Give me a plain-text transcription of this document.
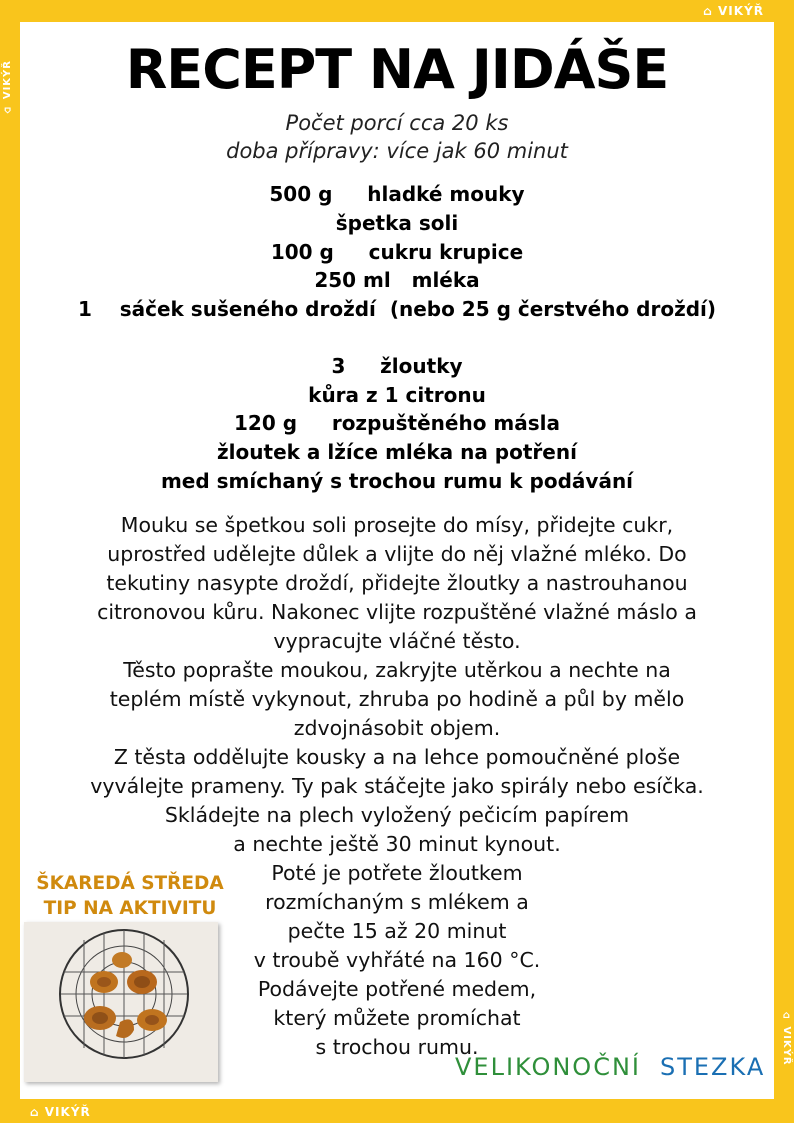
⌂ VIKÝŘ
⌂ VIKÝŘ
⌂ VIKÝŘ
⌂ VIKÝŘ
RECEPT NA JIDÁŠE

Počet porcí cca 20 ks

doba přípravy: více jak 60 minut

500 g     hladké mouky

špetka soli

100 g     cukru krupice

250 ml   mléka

1    sáček sušeného droždí  (nebo 25 g čerstvého droždí)

3     žloutky

kůra z 1 citronu

120 g     rozpuštěného másla

žloutek a lžíce mléka na potření

med smíchaný s trochou rumu k podávání

Mouku se špetkou soli prosejte do mísy, přidejte cukr,
uprostřed udělejte důlek a vlijte do něj vlažné mléko. Do
tekutiny nasypte droždí, přidejte žloutky a nastrouhanou
citronovou kůru. Nakonec vlijte rozpuštěné vlažné máslo a
vypracujte vláčné těsto.

Těsto poprašte moukou, zakryjte utěrkou a nechte na
teplém místě vykynout, zhruba po hodině a půl by mělo
zdvojnásobit objem.

Z těsta oddělujte kousky a na lehce pomoučněné ploše
vyválejte prameny. Ty pak stáčejte jako spirály nebo esíčka.
Skládejte na plech vyložený pečicím papírem
a nechte ještě 30 minut kynout.
Poté je potřete žloutkem
rozmíchaným s mlékem a
pečte 15 až 20 minut
v troubě vyhřáté na 160 °C.
Podávejte potřené medem,
který můžete promíchat
s trochou rumu.

ŠKAREDÁ STŘEDA
TIP NA AKTIVITU
VELIKONOČNÍ STEZKA
